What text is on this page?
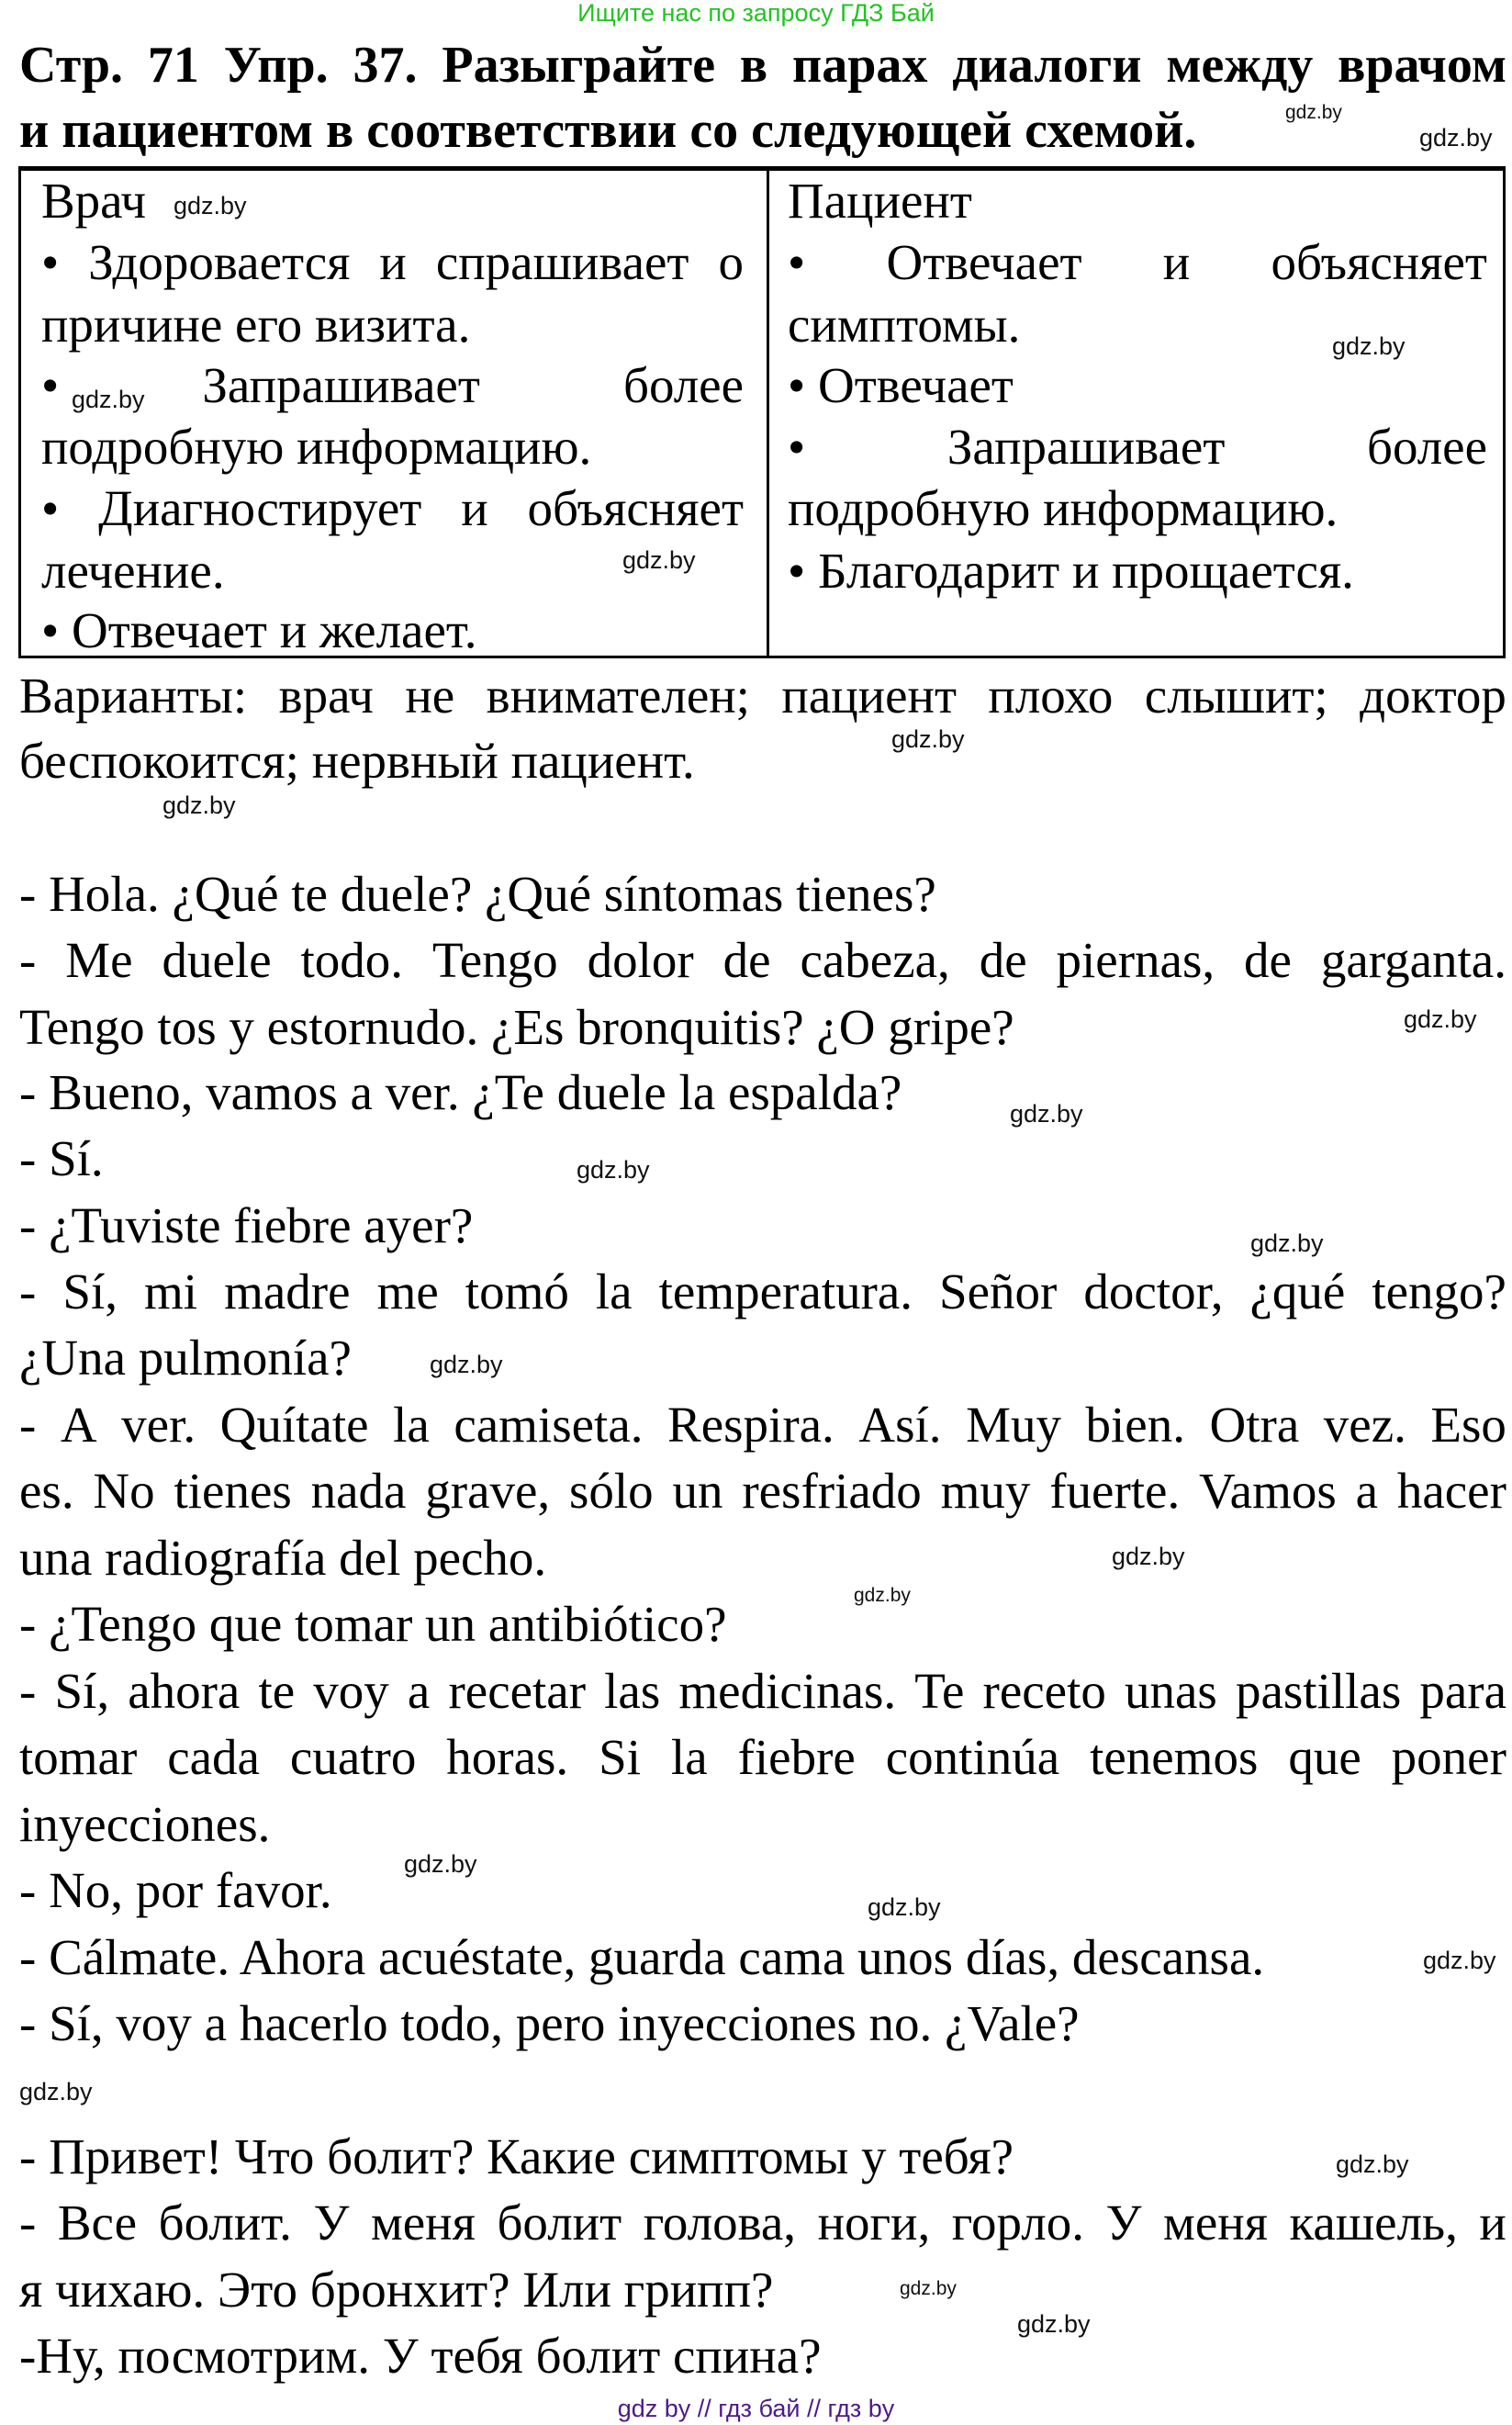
Ищите нас по запросу ГДЗ Бай
gdz by // гдз бай // гдз by
Стр. 71 Упр. 37. Разыграйте в парах диалоги между врачом
и пациентом в соответствии со следующей схемой.
Врач
• Здоровается и спрашивает о
причине его визита.
•	Запрашивает	более
подробную информацию.
• Диагностирует и объясняет
лечение.
• Отвечает и желает.
Пациент
• Отвечает и объясняет
симптомы.
• Отвечает
•	Запрашивает	более
подробную информацию.
• Благодарит и прощается.
Варианты: врач не внимателен; пациент плохо слышит; доктор
беспокоится; нервный пациент.
- Hola. ¿Qué te duele? ¿Qué síntomas tienes?
- Me duele todo. Tengo dolor de cabeza, de piernas, de garganta.
Tengo tos y estornudo. ¿Es bronquitis? ¿O gripe?
- Bueno, vamos a ver. ¿Te duele la espalda?
- Sí.
- ¿Tuviste fiebre ayer?
- Sí, mi madre me tomó la temperatura. Señor doctor, ¿qué tengo?
¿Una pulmonía?
- A ver. Quítate la camiseta. Respira. Así. Muy bien. Otra vez. Eso
es. No tienes nada grave, sólo un resfriado muy fuerte. Vamos a hacer
una radiografía del pecho.
- ¿Tengo que tomar un antibiótico?
- Sí, ahora te voy a recetar las medicinas. Te receto unas pastillas para
tomar cada cuatro horas. Si la fiebre continúa tenemos que poner
inyecciones.
- No, por favor.
- Cálmate. Ahora acuéstate, guarda cama unos días, descansa.
- Sí, voy a hacerlo todo, pero inyecciones no. ¿Vale?
- Привет! Что болит? Какие симптомы у тебя?
- Все болит. У меня болит голова, ноги, горло. У меня кашель, и
я чихаю. Это бронхит? Или грипп?
-Ну, посмотрим. У тебя болит спина?
gdz.by
gdz.by
gdz.by
gdz.by
gdz.by
gdz.by
gdz.by
gdz.by
gdz.by
gdz.by
gdz.by
gdz.by
gdz.by
gdz.by
gdz.by
gdz.by
gdz.by
gdz.by
gdz.by
gdz.by
gdz.by
gdz.by
